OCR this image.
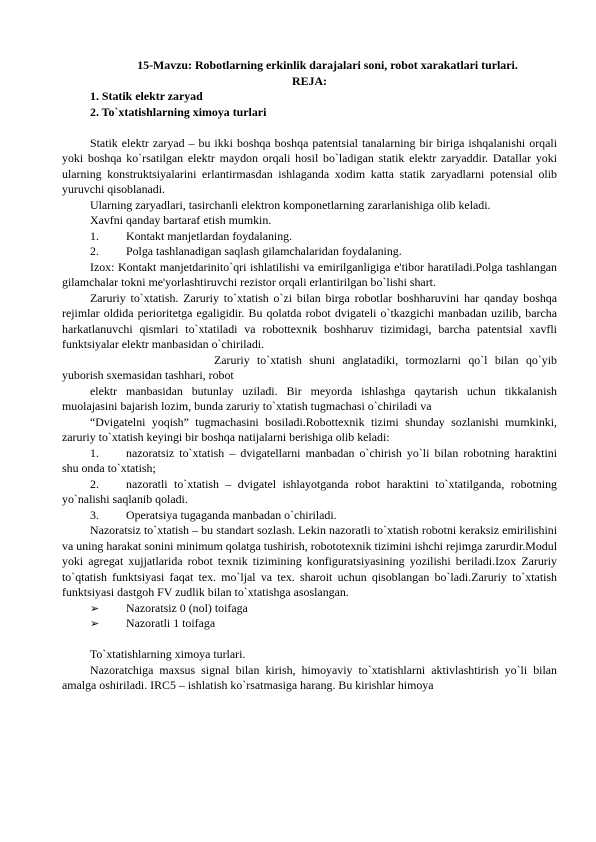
15-Mavzu: Robotlarning erkinlik darajalari soni, robot xarakatlari turlari.

REJA:

1. Statik elektr zaryad

2. To`xtatishlarning ximoya turlari

Statik elektr zaryad – bu ikki boshqa boshqa patentsial tanalarning bir biriga ishqalanishi orqali yoki boshqa ko`rsatilgan elektr maydon orqali hosil bo`ladigan statik elektr zaryaddir. Datallar yoki ularning konstruktsiyalarini erlantirmasdan ishlaganda xodim katta statik zaryadlarni potensial olib yuruvchi qisoblanadi.

Ularning zaryadlari, tasirchanli elektron komponetlarning zararlanishiga olib keladi.

Xavfni qanday bartaraf etish mumkin.

1.	Kontakt manjetlardan foydalaning.
2.	Polga tashlanadigan saqlash gilamchalaridan foydalaning.

Izox: Kontakt manjetdarinito`qri ishlatilishi va emirilganligiga e'tibor haratiladi.Polga tashlangan gilamchalar tokni me'yorlashtiruvchi rezistor orqali erlantirilgan bo`lishi shart.

Zaruriy to`xtatish. Zaruriy to`xtatish o`zi bilan birga robotlar boshharuvini har qanday boshqa rejimlar oldida perioritetga egaligidir. Bu qolatda robot dvigateli o`tkazgichi manbadan uzilib, barcha harkatlanuvchi qismlari to`xtatiladi va robottexnik boshharuv tizimidagi, barcha patentsial xavfli funktsiyalar elektr manbasidan o`chiriladi.

Zaruriy to`xtatish shuni anglatadiki, tormozlarni qo`l bilan qo`yib yuborish sxemasidan tashhari, robot

elektr manbasidan butunlay uziladi. Bir meyorda ishlashga qaytarish uchun tikkalanish muolajasini bajarish lozim, bunda zaruriy to`xtatish tugmachasi o`chiriladi va

“Dvigatelni yoqish” tugmachasini bosiladi.Robottexnik tizimi shunday sozlanishi mumkinki, zaruriy to`xtatish keyingi bir boshqa natijalarni berishiga olib keladi:

1. nazoratsiz to`xtatish – dvigatellarni manbadan o`chirish yo`li bilan robotning haraktini shu onda to`xtatish;

2. nazoratli to`xtatish – dvigatel ishlayotganda robot haraktini to`xtatilganda, robotning yo`nalishi saqlanib qoladi.

3. Operatsiya tugaganda manbadan o`chiriladi.

Nazoratsiz to`xtatish – bu standart sozlash. Lekin nazoratli to`xtatish robotni keraksiz emirilishini va uning harakat sonini minimum qolatga tushirish, robototexnik tizimini ishchi rejimga zarurdir.Modul yoki agregat xujjatlarida robot texnik tizimining konfiguratsiyasining yozilishi beriladi.Izox Zaruriy to`qtatish funktsiyasi faqat tex. mo`ljal va tex. sharoit uchun qisoblangan bo`ladi.Zaruriy to`xtatish funktsiyasi dastgoh FV zudlik bilan to`xtatishga asoslangan.

➢ Nazoratsiz 0 (nol) toifaga
➢ Nazoratli 1 toifaga

To`xtatishlarning ximoya turlari.

Nazoratchiga maxsus signal bilan kirish, himoyaviy to`xtatishlarni aktivlashtirish yo`li bilan amalga oshiriladi. IRC5 – ishlatish ko`rsatmasiga harang. Bu kirishlar himoya
